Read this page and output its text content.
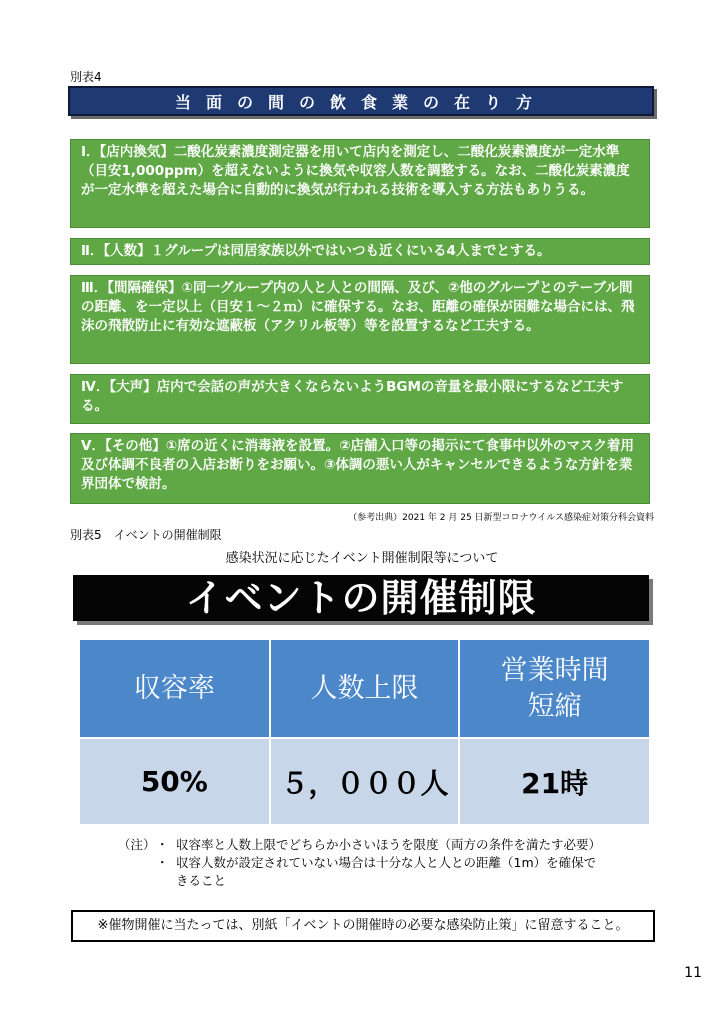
別表4
当面の間の飲食業の在り方
Ⅰ．【店内換気】二酸化炭素濃度測定器を用いて店内を測定し、二酸化炭素濃度が一定水準（目安1,000ppm）を超えないように換気や収容人数を調整する。なお、二酸化炭素濃度が一定水準を超えた場合に自動的に換気が行われる技術を導入する方法もありうる。
Ⅱ．【人数】１グループは同居家族以外ではいつも近くにいる4人までとする。
Ⅲ．【間隔確保】①同一グループ内の人と人との間隔、及び、②他のグループとのテーブル間の距離、を一定以上（目安１～２ｍ）に確保する。なお、距離の確保が困難な場合には、飛沫の飛散防止に有効な遮蔽板（アクリル板等）等を設置するなど工夫する。
Ⅳ．【大声】店内で会話の声が大きくならないようBGMの音量を最小限にするなど工夫する。
Ⅴ．【その他】①席の近くに消毒液を設置。②店舗入口等の掲示にて食事中以外のマスク着用及び体調不良者の入店お断りをお願い。③体調の悪い人がキャンセルできるような方針を業界団体で検討。
（参考出典）2021 年 2 月 25 日新型コロナウイルス感染症対策分科会資料
別表5　イベントの開催制限
感染状況に応じたイベント開催制限等について
イベントの開催制限
収容率	人数上限	営業時間
短縮
50%	５，０００人	21時
（注） ・ 収容率と人数上限でどちらか小さいほうを限度（両方の条件を満たす必要）
・ 収容人数が設定されていない場合は十分な人と人との距離（1m）を確保で
きること
※催物開催に当たっては、別紙「イベントの開催時の必要な感染防止策」に留意すること。
11
